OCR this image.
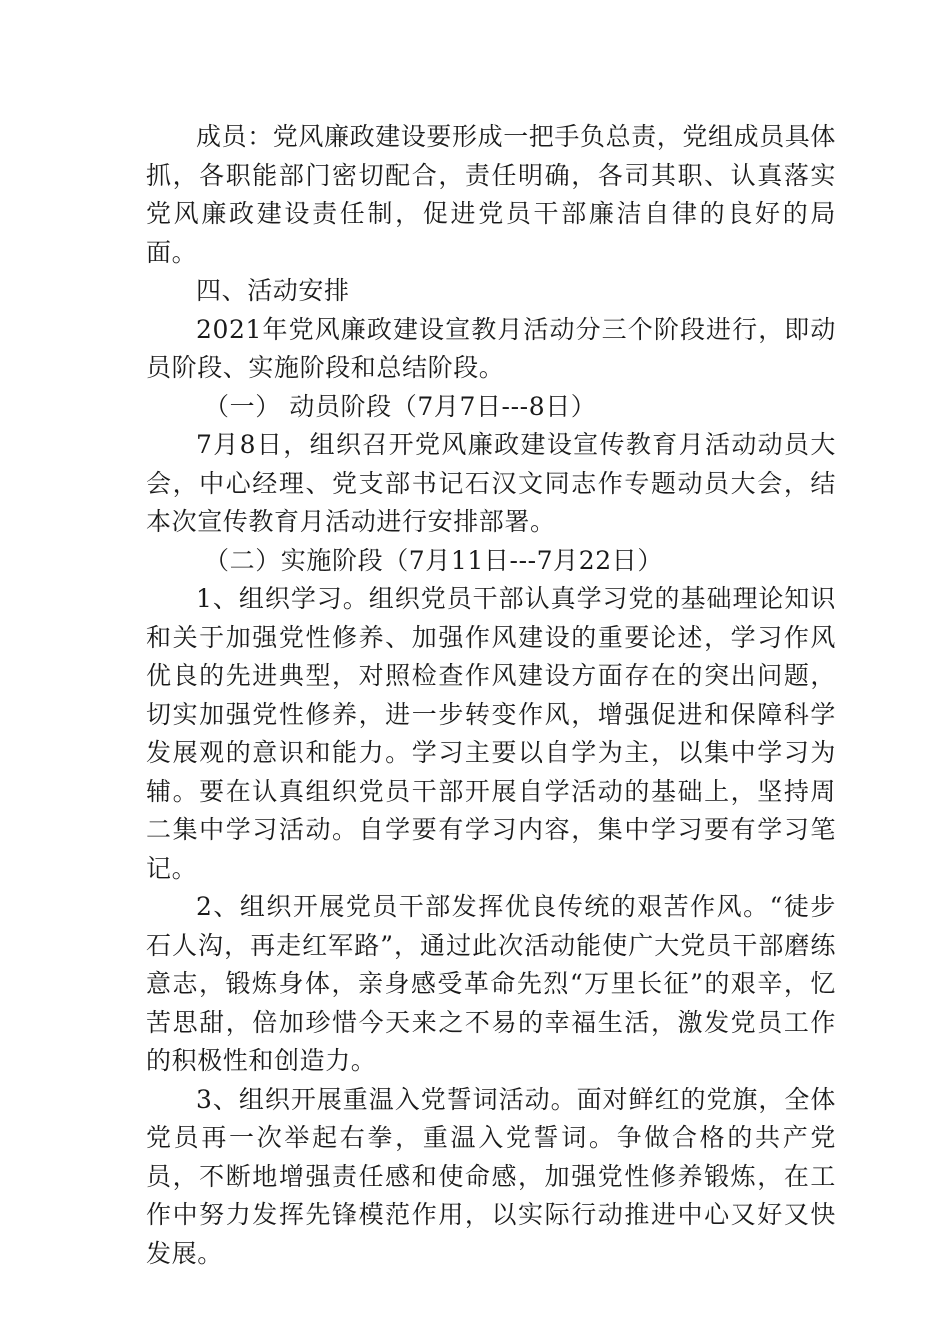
成员：党风廉政建设要形成一把手负总责，党组成员具体抓，各职能部门密切配合，责任明确，各司其职、认真落实党风廉政建设责任制，促进党员干部廉洁自律的良好的局面。

四、活动安排

2021年党风廉政建设宣教月活动分三个阶段进行，即动员阶段、实施阶段和总结阶段。

（一） 动员阶段（7月7日---8日）

7月8日，组织召开党风廉政建设宣传教育月活动动员大会，中心经理、党支部书记石汉文同志作专题动员大会，结本次宣传教育月活动进行安排部署。

（二）实施阶段（7月11日---7月22日）

1、组织学习。组织党员干部认真学习党的基础理论知识和关于加强党性修养、加强作风建设的重要论述，学习作风优良的先进典型，对照检查作风建设方面存在的突出问题，切实加强党性修养，进一步转变作风，增强促进和保障科学发展观的意识和能力。学习主要以自学为主，以集中学习为辅。要在认真组织党员干部开展自学活动的基础上，坚持周二集中学习活动。自学要有学习内容，集中学习要有学习笔记。

2、组织开展党员干部发挥优良传统的艰苦作风。“徒步石人沟，再走红军路”，通过此次活动能使广大党员干部磨练意志，锻炼身体，亲身感受革命先烈“万里长征”的艰辛，忆苦思甜，倍加珍惜今天来之不易的幸福生活，激发党员工作的积极性和创造力。

3、组织开展重温入党誓词活动。面对鲜红的党旗，全体党员再一次举起右拳，重温入党誓词。争做合格的共产党员，不断地增强责任感和使命感，加强党性修养锻炼，在工作中努力发挥先锋模范作用，以实际行动推进中心又好又快发展。
